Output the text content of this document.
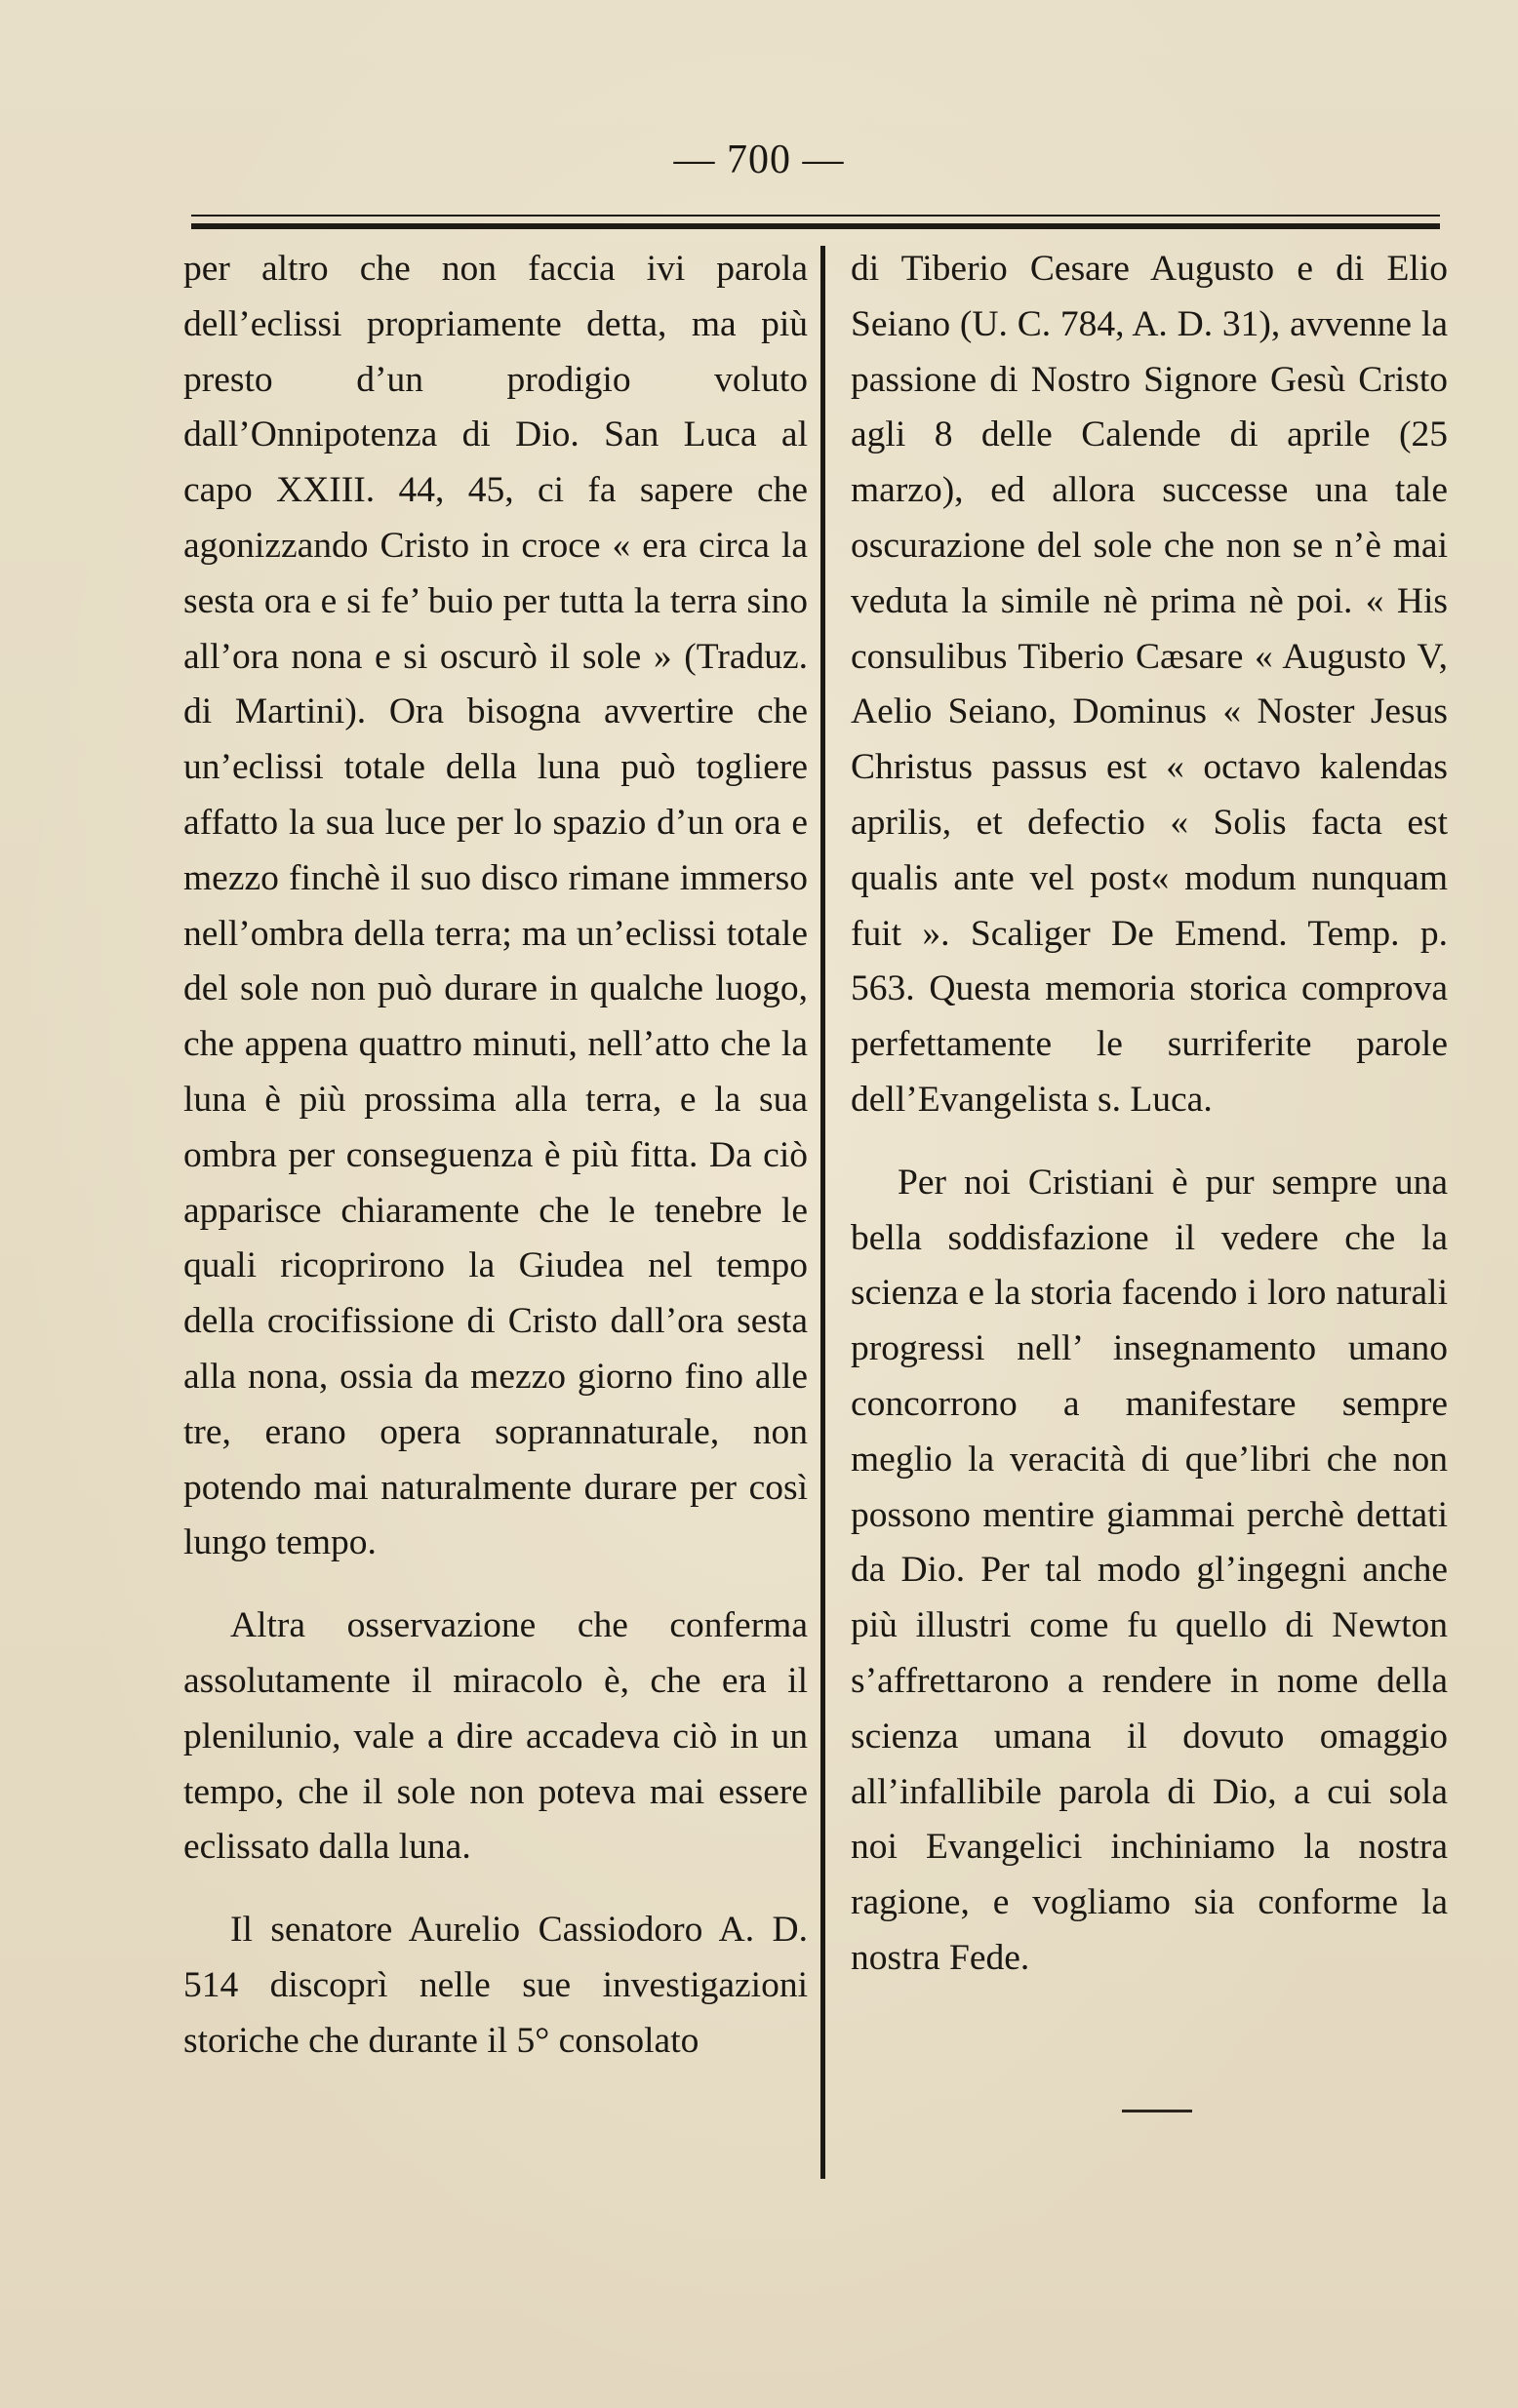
— 700 —

per altro che non faccia ivi parola dell’eclissi propriamente detta, ma più presto d’un prodigio voluto dall’Onnipotenza di Dio. San Luca al capo XXIII. 44, 45, ci fa sapere che agonizzando Cristo in croce « era circa la sesta ora e si fe’ buio per tutta la terra sino all’ora nona e si oscurò il sole » (Traduz. di Martini). Ora bisogna avvertire che un’eclissi totale della luna può togliere affatto la sua luce per lo spazio d’un ora e mezzo finchè il suo disco rimane immerso nell’ombra della terra; ma un’eclissi totale del sole non può durare in qualche luogo, che appena quattro minuti, nell’atto che la luna è più prossima alla terra, e la sua ombra per conseguenza è più fitta. Da ciò apparisce chiaramente che le tenebre le quali ricoprirono la Giudea nel tempo della crocifissione di Cristo dall’ora sesta alla nona, ossia da mezzo giorno fino alle tre, erano opera soprannaturale, non potendo mai naturalmente durare per così lungo tempo.

Altra osservazione che conferma assolutamente il miracolo è, che era il plenilunio, vale a dire accadeva ciò in un tempo, che il sole non poteva mai essere eclissato dalla luna.

Il senatore Aurelio Cassiodoro A. D. 514 discoprì nelle sue investigazioni storiche che durante il 5° consolato

di Tiberio Cesare Augusto e di Elio Seiano (U. C. 784, A. D. 31), avvenne la passione di Nostro Signore Gesù Cristo agli 8 delle Calende di aprile (25 marzo), ed allora successe una tale oscurazione del sole che non se n’è mai veduta la simile nè prima nè poi. « His consulibus Tiberio Cæsare « Augusto V, Aelio Seiano, Dominus « Noster Jesus Christus passus est « octavo kalendas aprilis, et defectio « Solis facta est qualis ante vel post« modum nunquam fuit ». Scaliger De Emend. Temp. p. 563. Questa memoria storica comprova perfettamente le surriferite parole dell’Evangelista s. Luca.

Per noi Cristiani è pur sempre una bella soddisfazione il vedere che la scienza e la storia facendo i loro naturali progressi nell’ insegnamento umano concorrono a manifestare sempre meglio la veracità di que’libri che non possono mentire giammai perchè dettati da Dio. Per tal modo gl’ingegni anche più illustri come fu quello di Newton s’affrettarono a rendere in nome della scienza umana il dovuto omaggio all’infallibile parola di Dio, a cui sola noi Evangelici inchiniamo la nostra ragione, e vogliamo sia conforme la nostra Fede.
